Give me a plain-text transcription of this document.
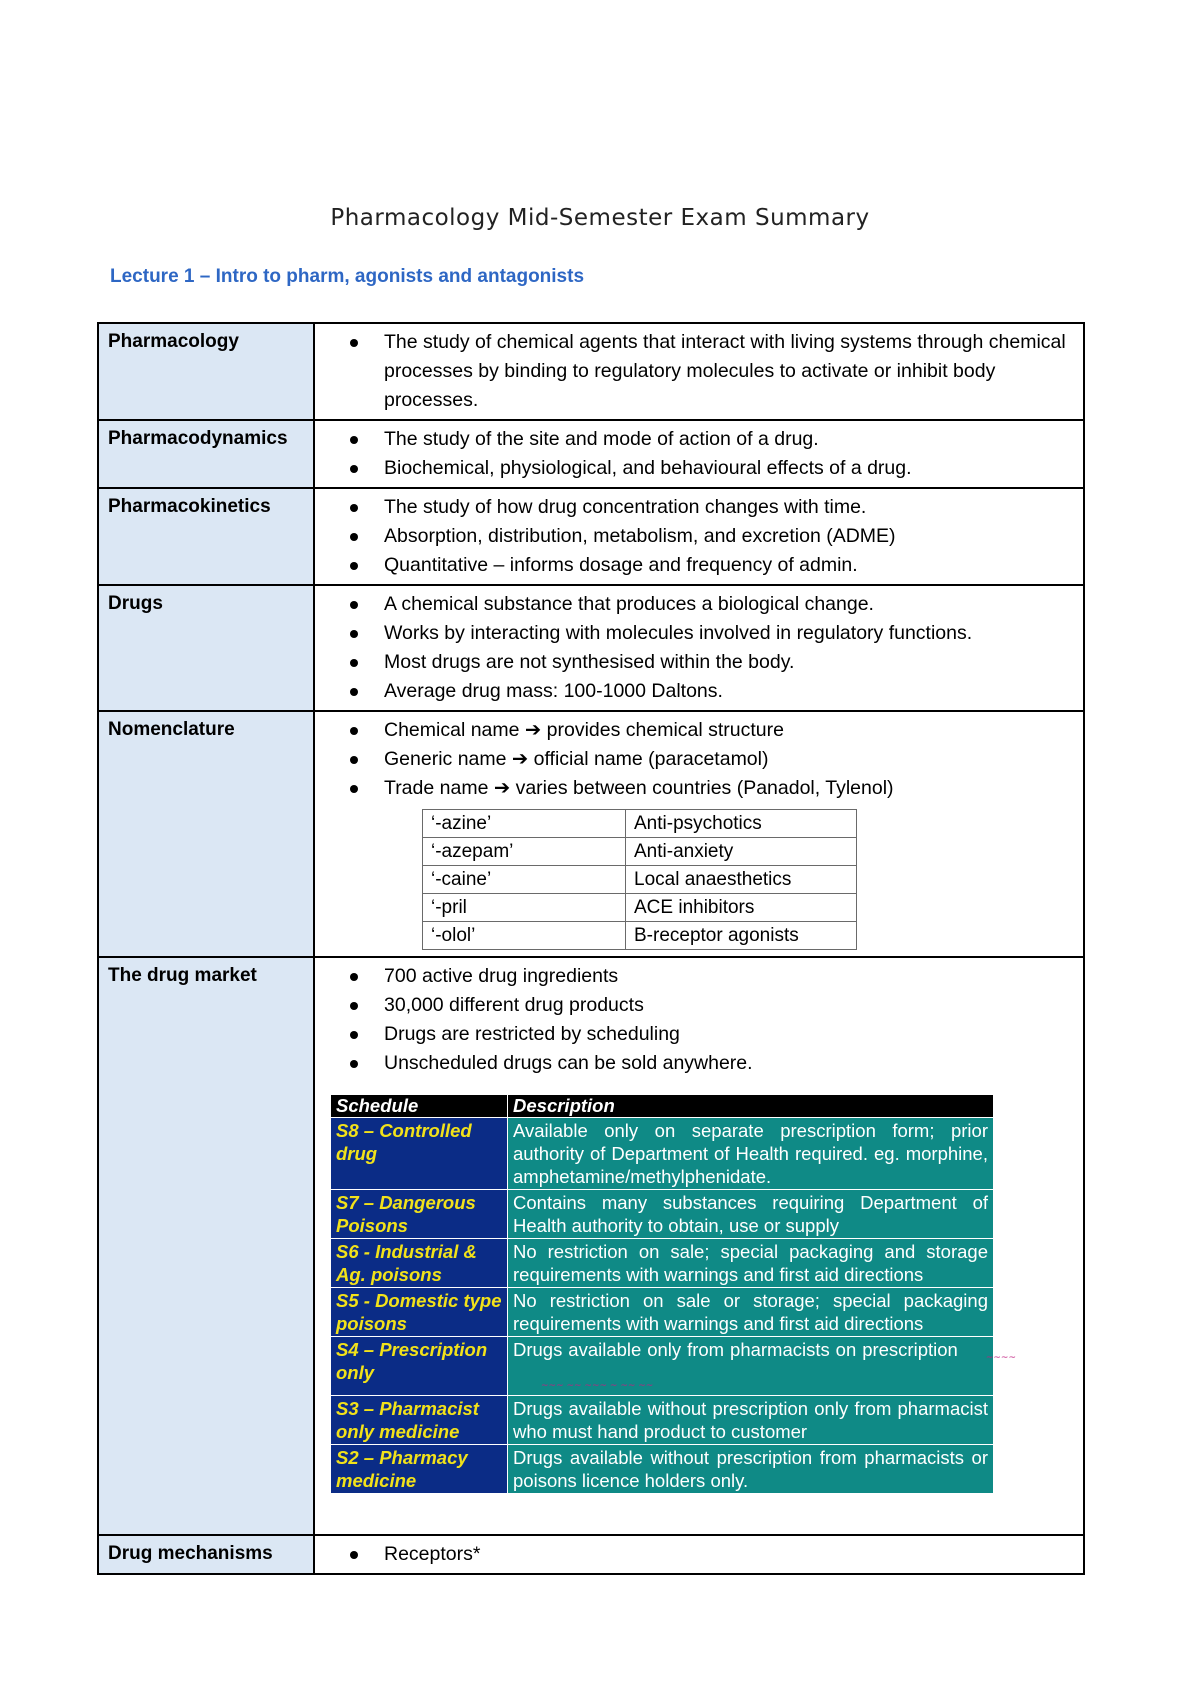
Pharmacology Mid-Semester Exam Summary
Lecture 1 – Intro to pharm, agonists and antagonists
Pharmacology	The study of chemical agents that interact with living systems through chemical processes by binding to regulatory molecules to activate or inhibit body processes.

Pharmacodynamics	The study of the site and mode of action of a drug.
Biochemical, physiological, and behavioural effects of a drug.

Pharmacokinetics	The study of how drug concentration changes with time.
Absorption, distribution, metabolism, and excretion (ADME)
Quantitative – informs dosage and frequency of admin.

Drugs	A chemical substance that produces a biological change.
Works by interacting with molecules involved in regulatory functions.
Most drugs are not synthesised within the body.
Average drug mass: 100-1000 Daltons.

Nomenclature	Chemical name ➔ provides chemical structure
Generic name ➔ official name (paracetamol)
Trade name ➔ varies between countries (Panadol, Tylenol)
‘-azine’	Anti-psychotics
‘-azepam’	Anti-anxiety
‘-caine’	Local anaesthetics
‘-pril	ACE inhibitors
‘-olol’	Β-receptor agonists

The drug market	700 active drug ingredients
30,000 different drug products
Drugs are restricted by scheduling
Unscheduled drugs can be sold anywhere.
Schedule	Description
S8 – Controlled drug	Available only on separate prescription form; prior authority of Department of Health required. eg. morphine, amphetamine/methylphenidate.
S7 – Dangerous Poisons	Contains many substances requiring Department of Health authority to obtain, use or supply
S6 - Industrial & Ag. poisons	No restriction on sale; special packaging and storage requirements with warnings and first aid directions
S5 - Domestic type poisons	No restriction on sale or storage; special packaging requirements with warnings and first aid directions
S4 – Prescription only	Drugs available only from pharmacists on prescription	$_{\sim\sim\sim\sim \sim\sim\sim \sim\sim \sim\sim\sim \sim \sim\sim \sim\sim}$
S3 – Pharmacist only medicine	Drugs available without prescription only from pharmacist who must hand product to customer
S2 – Pharmacy medicine	Drugs available without prescription from pharmacists or poisons licence holders only.

Drug mechanisms	Receptors*
